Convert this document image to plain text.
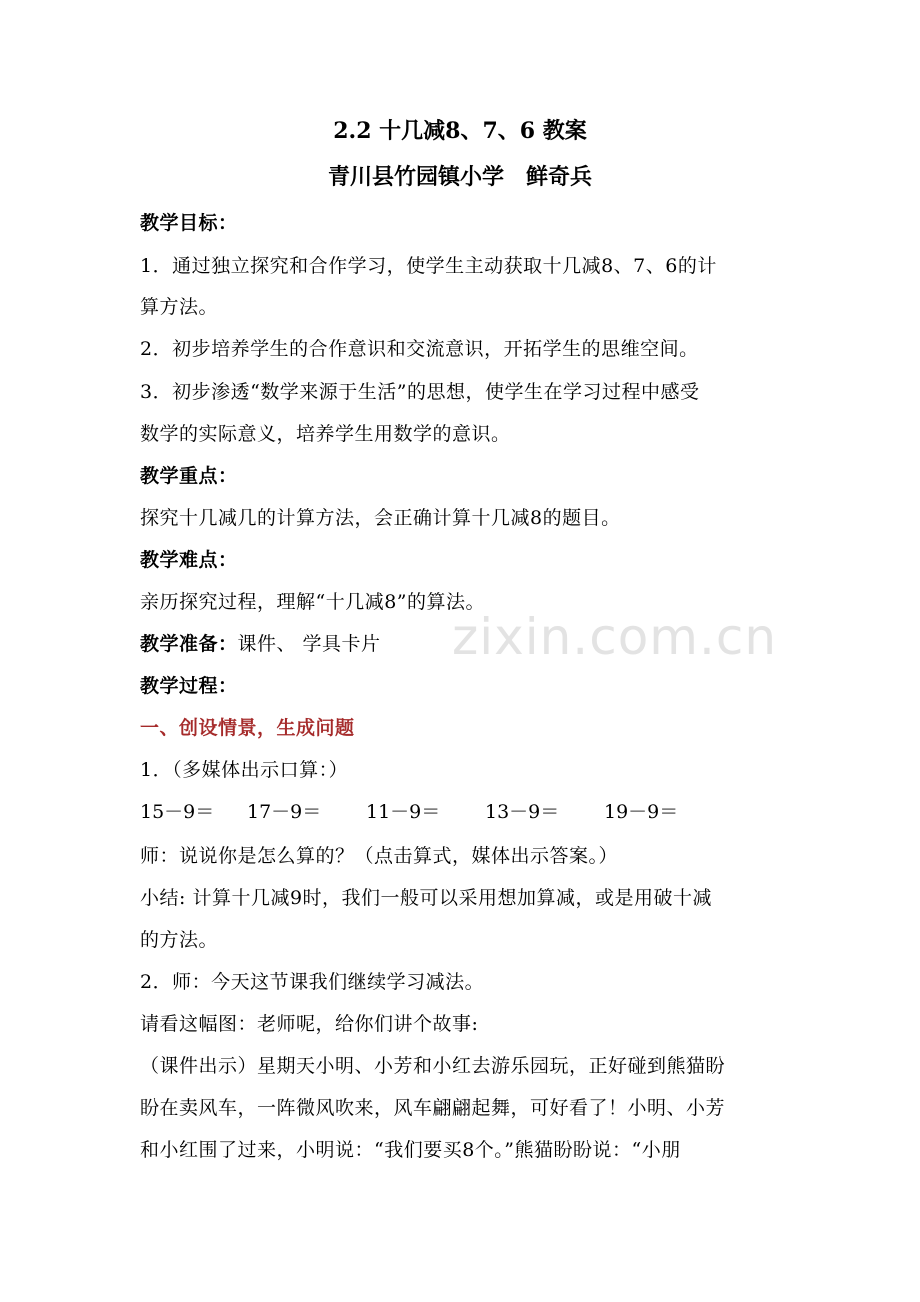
zixin.com.cn
2.2 十几减8、7、6 教案
青川县竹园镇小学　鲜奇兵
教学目标：
1．通过独立探究和合作学习，使学生主动获取十几减8、7、6的计
算方法。
2．初步培养学生的合作意识和交流意识，开拓学生的思维空间。
3．初步渗透“数学来源于生活”的思想，使学生在学习过程中感受
数学的实际意义，培养学生用数学的意识。
教学重点：
探究十几减几的计算方法，会正确计算十几减8的题目。
教学难点：
亲历探究过程，理解“十几减8”的算法。
教学准备：课件、 学具卡片
教学过程：
一、创设情景，生成问题
1．（多媒体出示口算：）
15－9＝ 17－9＝ 11－9＝ 13－9＝ 19－9＝
师：说说你是怎么算的？（点击算式，媒体出示答案。）
小结: 计算十几减9时，我们一般可以采用想加算减，或是用破十减
的方法。
2．师：今天这节课我们继续学习减法。
请看这幅图：老师呢，给你们讲个故事:
（课件出示）星期天小明、小芳和小红去游乐园玩，正好碰到熊猫盼
盼在卖风车，一阵微风吹来，风车翩翩起舞，可好看了！小明、小芳
和小红围了过来，小明说：“我们要买8个。”熊猫盼盼说：“小朋
